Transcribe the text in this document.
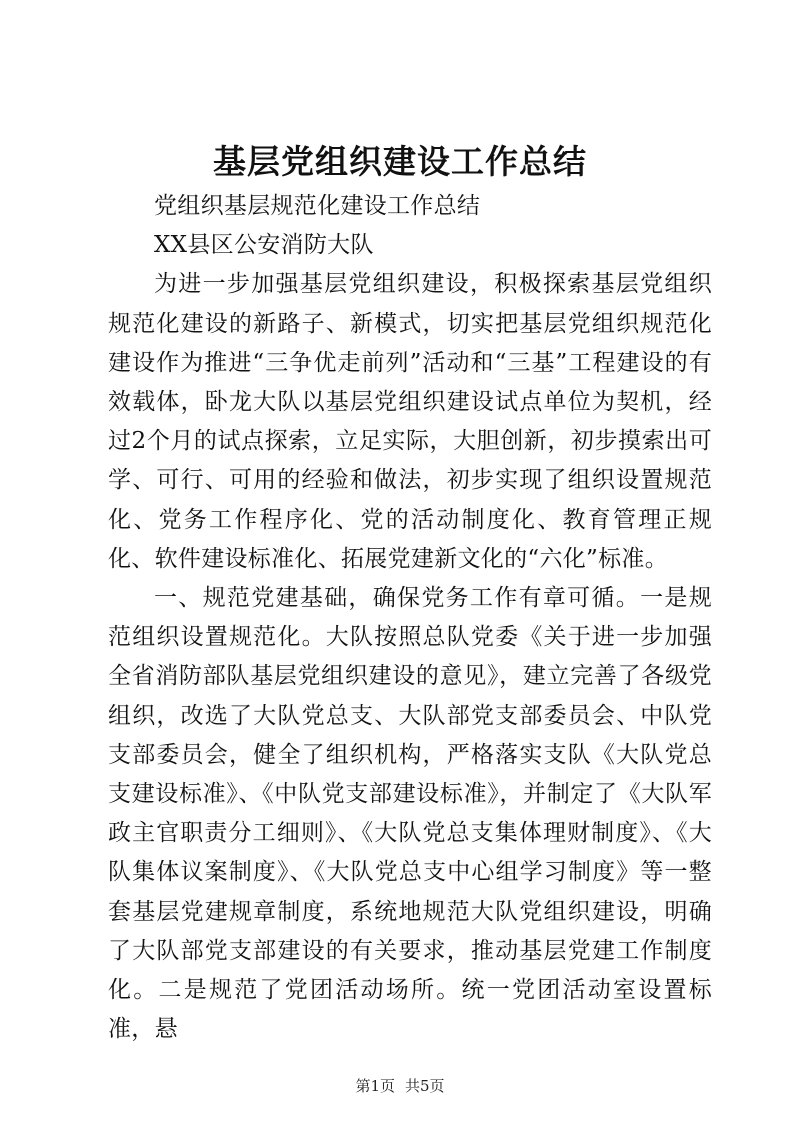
基层党组织建设工作总结

党组织基层规范化建设工作总结

XX县区公安消防大队

为进一步加强基层党组织建设，积极探索基层党组织规范化建设的新路子、新模式，切实把基层党组织规范化建设作为推进“三争优走前列”活动和“三基”工程建设的有效载体，卧龙大队以基层党组织建设试点单位为契机，经过2个月的试点探索，立足实际，大胆创新，初步摸索出可学、可行、可用的经验和做法，初步实现了组织设置规范化、党务工作程序化、党的活动制度化、教育管理正规化、软件建设标准化、拓展党建新文化的“六化”标准。

一、规范党建基础，确保党务工作有章可循。一是规范组织设置规范化。大队按照总队党委《关于进一步加强全省消防部队基层党组织建设的意见》，建立完善了各级党组织，改选了大队党总支、大队部党支部委员会、中队党支部委员会，健全了组织机构，严格落实支队《大队党总支建设标准》、《中队党支部建设标准》，并制定了《大队军政主官职责分工细则》、《大队党总支集体理财制度》、《大队集体议案制度》、《大队党总支中心组学习制度》等一整套基层党建规章制度，系统地规范大队党组织建设，明确了大队部党支部建设的有关要求，推动基层党建工作制度化。二是规范了党团活动场所。统一党团活动室设置标准，悬

第1页 共5页
